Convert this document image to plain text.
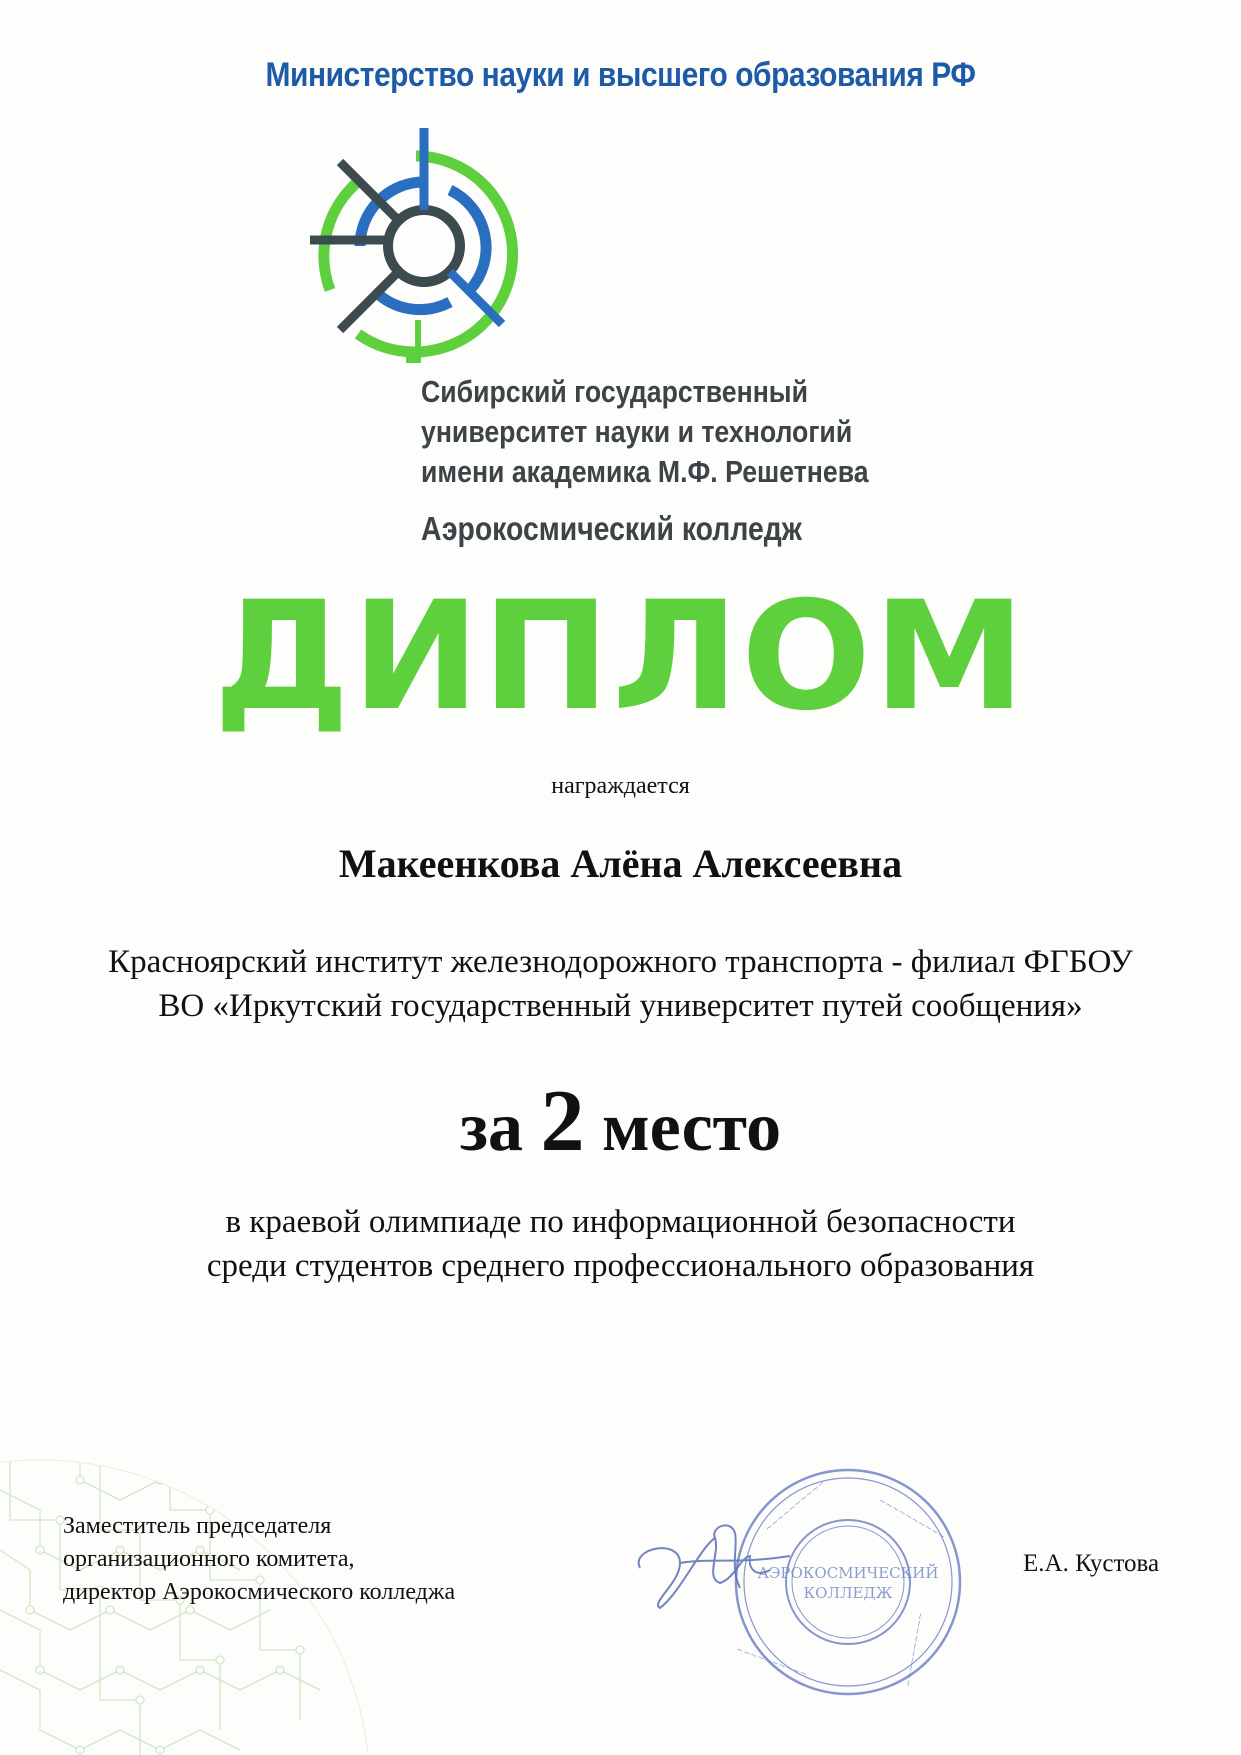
Министерство науки и высшего образования РФ
Сибирский государственный
университет науки и технологий
имени академика М.Ф. Решетнева
Аэрокосмический колледж
ДИПЛОМ
награждается
Макеенкова Алёна Алексеевна
Красноярский институт железнодорожного транспорта - филиал ФГБОУ
ВО «Иркутский государственный университет путей сообщения»
за 2 место
в краевой олимпиаде по информационной безопасности
среди студентов среднего профессионального образования
Заместитель председателя
организационного комитета,
директор Аэрокосмического колледжа
~~~~~~~~~~	~~~~~~~~~~
~~~~~~~~~~
~~~~~~~~~~
АЭРОКОСМИЧЕСКИЙ
КОЛЛЕДЖ
Е.А. Кустова
